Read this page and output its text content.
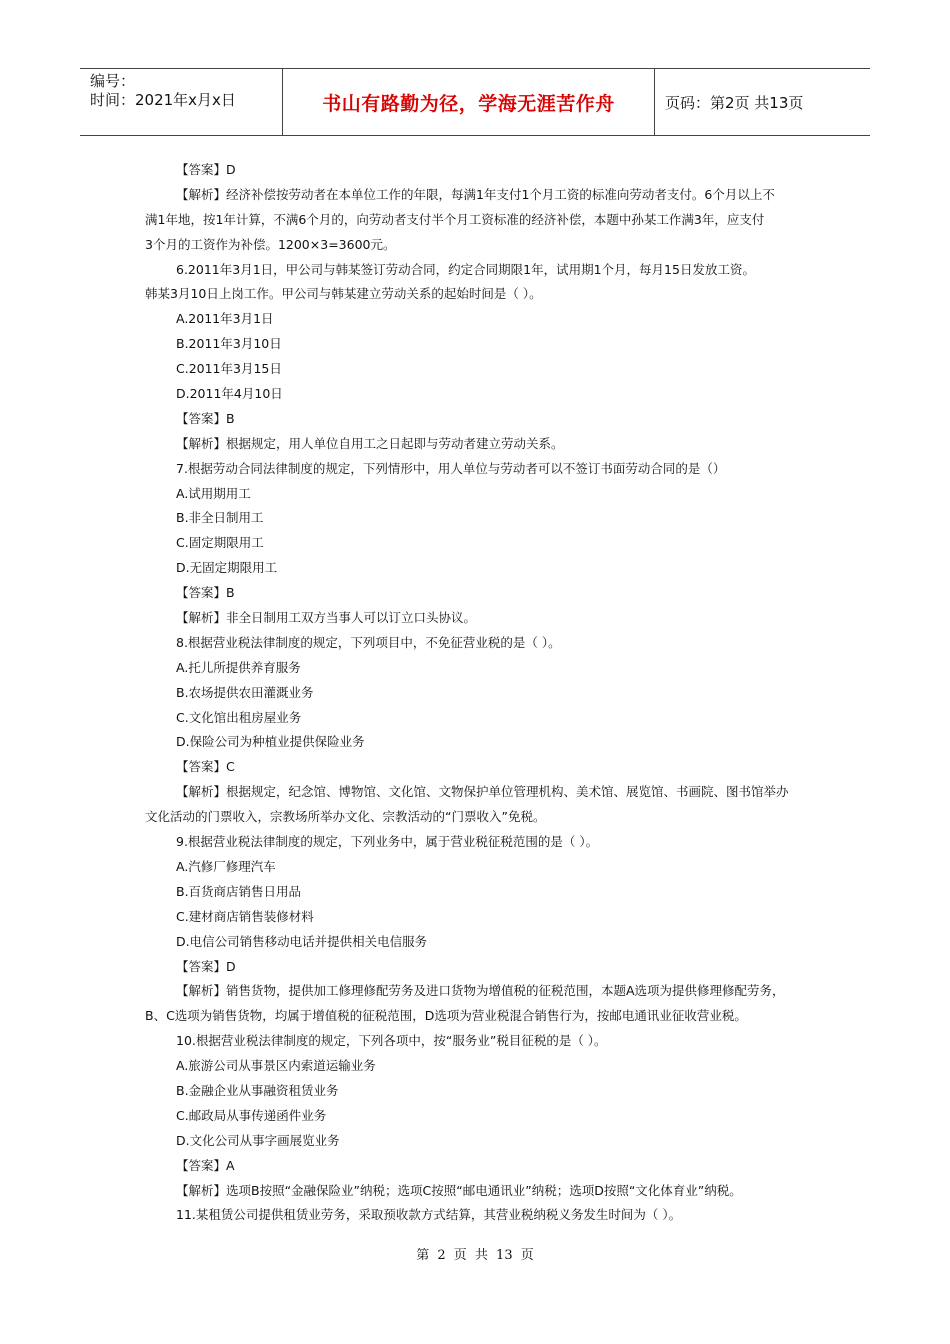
编号：
时间：2021年x月x日	书山有路勤为径，学海无涯苦作舟	页码：第2页 共13页
【答案】D
【解析】经济补偿按劳动者在本单位工作的年限，每满1年支付1个月工资的标准向劳动者支付。6个月以上不
满1年地，按1年计算，不满6个月的，向劳动者支付半个月工资标准的经济补偿，本题中孙某工作满3年，应支付
3个月的工资作为补偿。1200×3=3600元。
6.2011年3月1日，甲公司与韩某签订劳动合同，约定合同期限1年，试用期1个月，每月15日发放工资。
韩某3月10日上岗工作。甲公司与韩某建立劳动关系的起始时间是（ ）。
A.2011年3月1日
B.2011年3月10日
C.2011年3月15日
D.2011年4月10日
【答案】B
【解析】根据规定，用人单位自用工之日起即与劳动者建立劳动关系。
7.根据劳动合同法律制度的规定，下列情形中，用人单位与劳动者可以不签订书面劳动合同的是（）
A.试用期用工
B.非全日制用工
C.固定期限用工
D.无固定期限用工
【答案】B
【解析】非全日制用工双方当事人可以订立口头协议。
8.根据营业税法律制度的规定，下列项目中，不免征营业税的是（ ）。
A.托儿所提供养育服务
B.农场提供农田灌溉业务
C.文化馆出租房屋业务
D.保险公司为种植业提供保险业务
【答案】C
【解析】根据规定，纪念馆、博物馆、文化馆、文物保护单位管理机构、美术馆、展览馆、书画院、图书馆举办
文化活动的门票收入，宗教场所举办文化、宗教活动的“门票收入”免税。
9.根据营业税法律制度的规定，下列业务中，属于营业税征税范围的是（ ）。
A.汽修厂修理汽车
B.百货商店销售日用品
C.建材商店销售装修材料
D.电信公司销售移动电话并提供相关电信服务
【答案】D
【解析】销售货物，提供加工修理修配劳务及进口货物为增值税的征税范围，本题A选项为提供修理修配劳务，
B、C选项为销售货物，均属于增值税的征税范围，D选项为营业税混合销售行为，按邮电通讯业征收营业税。
10.根据营业税法律制度的规定，下列各项中，按“服务业”税目征税的是（ ）。
A.旅游公司从事景区内索道运输业务
B.金融企业从事融资租赁业务
C.邮政局从事传递函件业务
D.文化公司从事字画展览业务
【答案】A
【解析】选项B按照“金融保险业”纳税；选项C按照“邮电通讯业”纳税；选项D按照“文化体育业”纳税。
11.某租赁公司提供租赁业劳务，采取预收款方式结算，其营业税纳税义务发生时间为（ ）。
第 2 页 共 13 页
